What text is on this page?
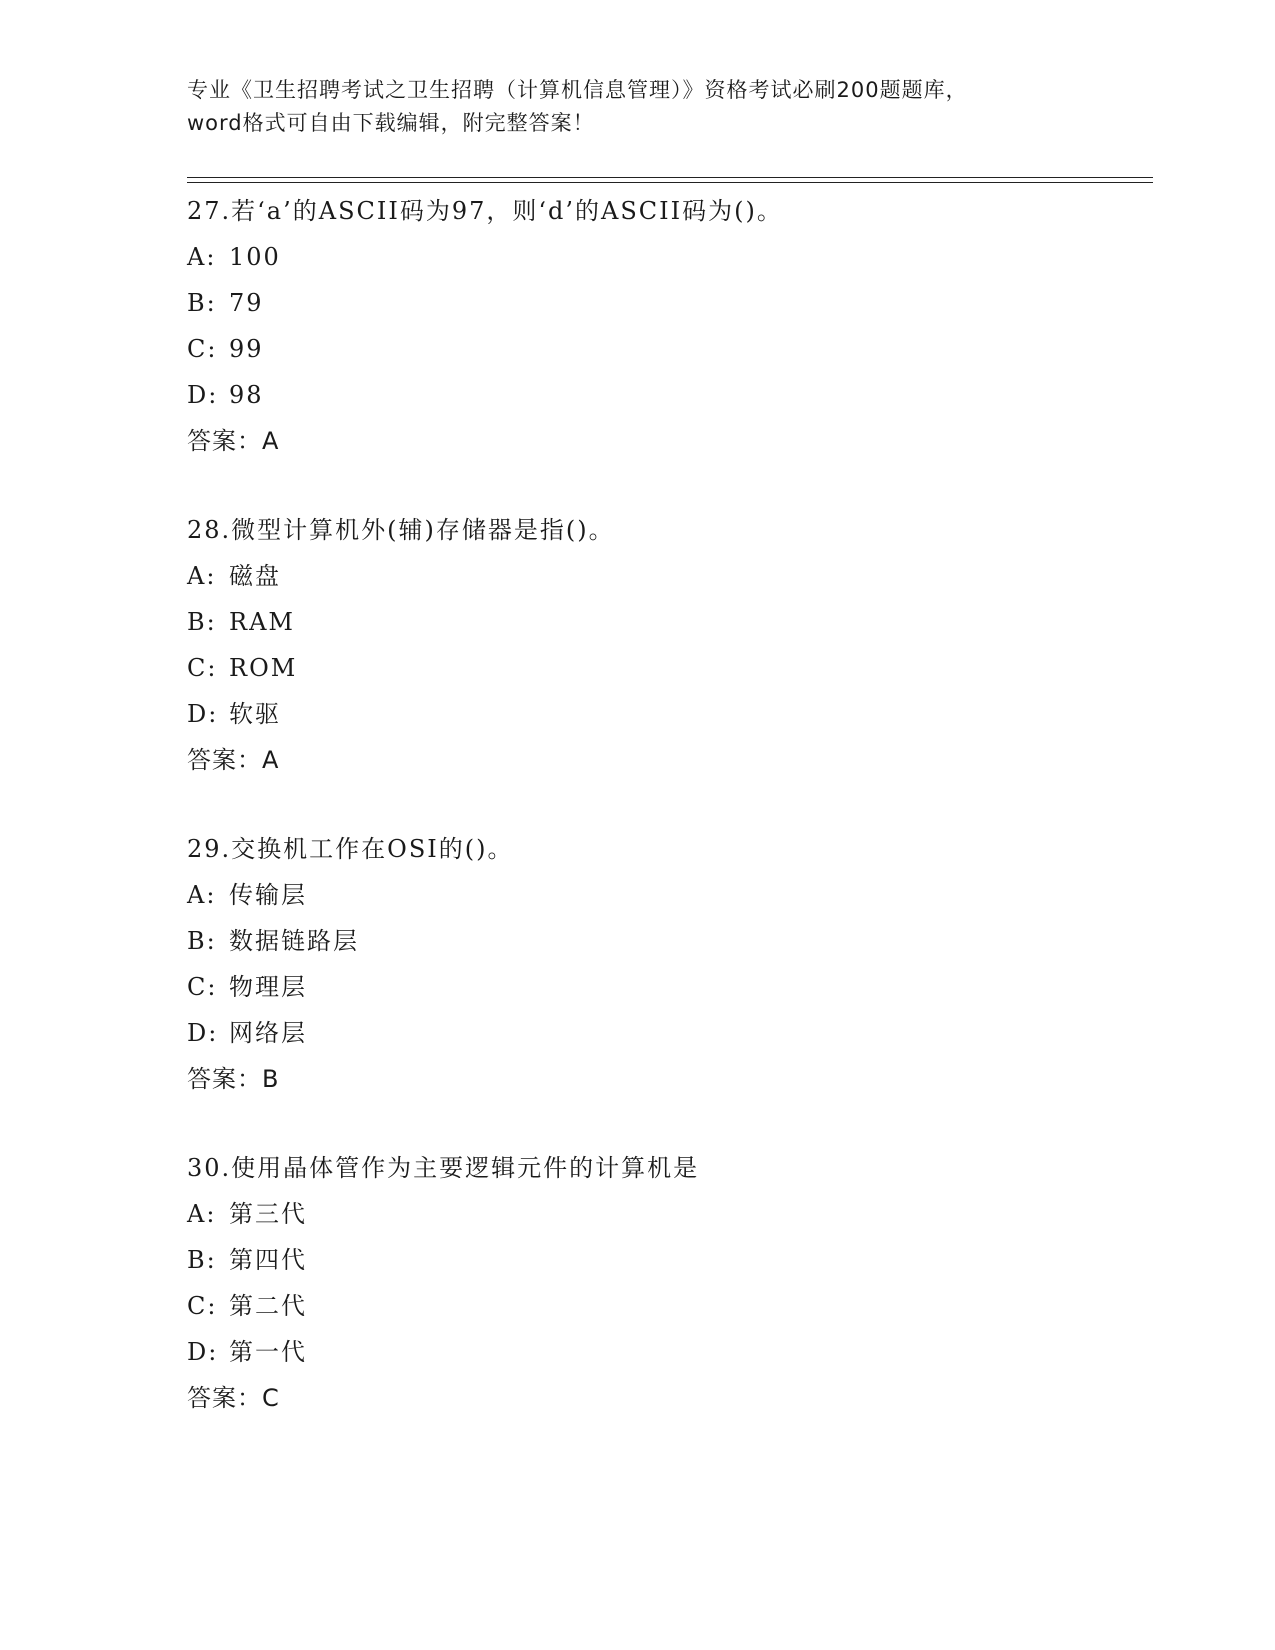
专业《卫生招聘考试之卫生招聘（计算机信息管理）》资格考试必刷200题题库，
word格式可自由下载编辑，附完整答案！
27.若‘a’的ASCII码为97，则‘d’的ASCII码为()。
A: 100
B: 79
C: 99
D: 98
答案：A
28.微型计算机外(辅)存储器是指()。
A: 磁盘
B: RAM
C: ROM
D: 软驱
答案：A
29.交换机工作在OSI的()。
A: 传输层
B: 数据链路层
C: 物理层
D: 网络层
答案：B
30.使用晶体管作为主要逻辑元件的计算机是
A: 第三代
B: 第四代
C: 第二代
D: 第一代
答案：C
